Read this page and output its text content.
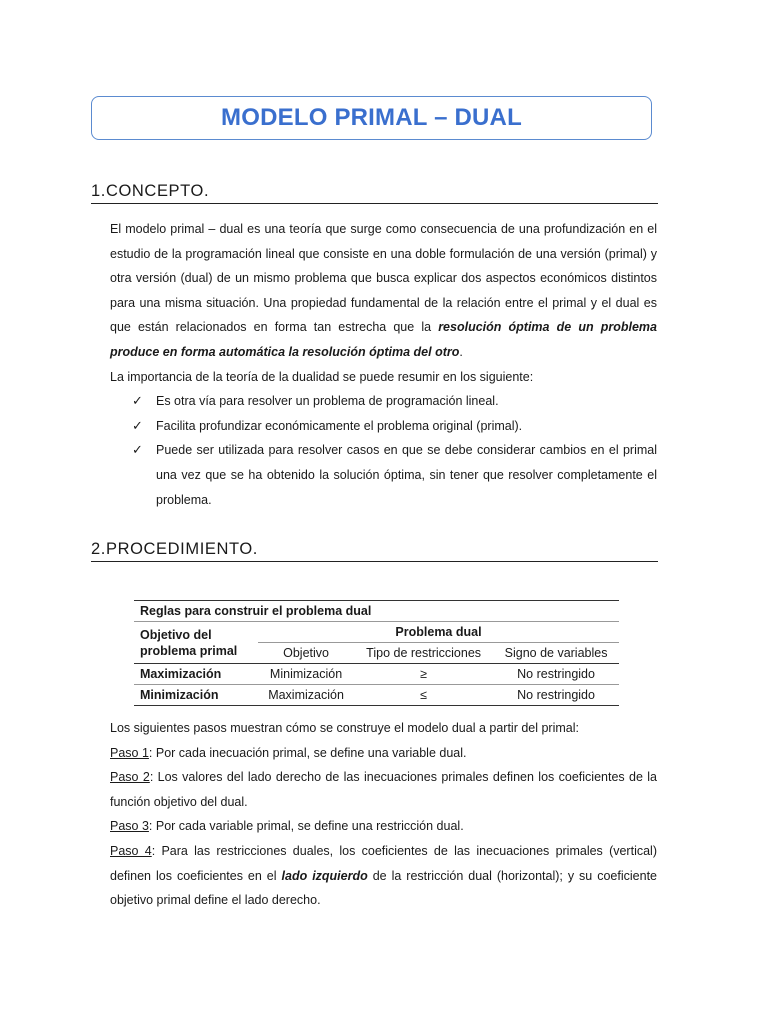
MODELO PRIMAL – DUAL
1.CONCEPTO.

El modelo primal – dual es una teoría que surge como consecuencia de una profundización en el estudio de la programación lineal que consiste en una doble formulación de una versión (primal) y otra versión (dual) de un mismo problema que busca explicar dos aspectos económicos distintos para una misma situación. Una propiedad fundamental de la relación entre el primal y el dual es que están relacionados en forma tan estrecha que la resolución óptima de un problema produce en forma automática la resolución óptima del otro.

La importancia de la teoría de la dualidad se puede resumir en los siguiente:

✓ Es otra vía para resolver un problema de programación lineal.
✓ Facilita profundizar económicamente el problema original (primal).
✓ Puede ser utilizada para resolver casos en que se debe considerar cambios en el primal una vez que se ha obtenido la solución óptima, sin tener que resolver completamente el problema.
2.PROCEDIMIENTO.
Reglas para construir el problema dual			
Objetivo del problema primal	Problema dual		
	Objetivo	Tipo de restricciones	Signo de variables
Maximización	Minimización	≥	No restringido
Minimización	Maximización	≤	No restringido

Los siguientes pasos muestran cómo se construye el modelo dual a partir del primal:

Paso 1: Por cada inecuación primal, se define una variable dual.

Paso 2: Los valores del lado derecho de las inecuaciones primales definen los coeficientes de la función objetivo del dual.

Paso 3: Por cada variable primal, se define una restricción dual.

Paso 4: Para las restricciones duales, los coeficientes de las inecuaciones primales (vertical) definen los coeficientes en el lado izquierdo de la restricción dual (horizontal); y su coeficiente objetivo primal define el lado derecho.
